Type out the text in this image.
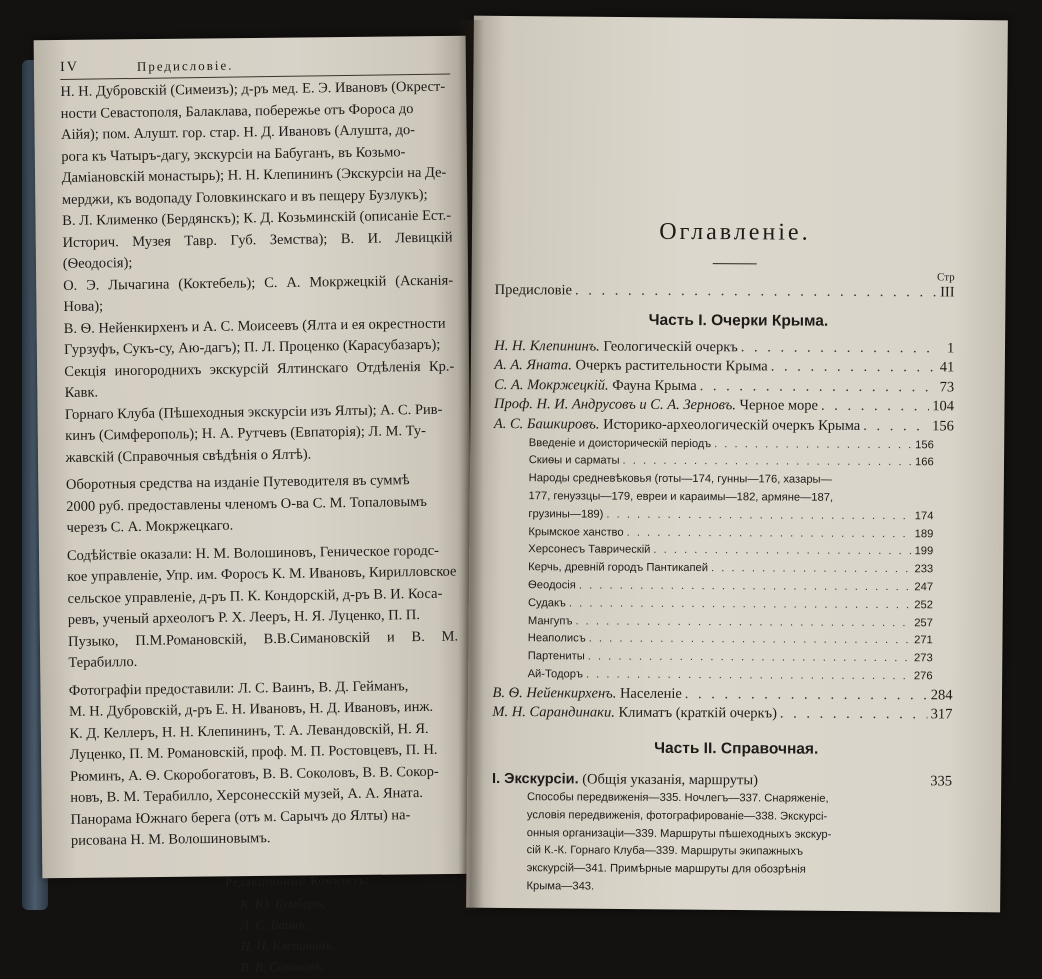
IV	Предисловіе.

Н. Н. Дубровскій (Симеизъ); д-ръ мед. Е. Э. Ивановъ (Окрест-

ности Севастополя, Балаклава, побережье отъ Фороса до

Аійя); пом. Алушт. гор. стар. Н. Д. Ивановъ (Алушта, до-

рога къ Чатыръ-дагу, экскурсіи на Бабуганъ, въ Козьмо-

Даміановскій монастырь); Н. Н. Клепининъ (Экскурсіи на Де-

мерджи, къ водопаду Головкинскаго и въ пещеру Бузлукъ);

В. Л. Клименко (Бердянскъ); К. Д. Козьминскій (описаніе Ест.-

Историч. Музея Тавр. Губ. Земства); В. И. Левицкій (Ѳеодосія);

О. Э. Лычагина (Коктебель); С. А. Мокржецкій (Асканія-Нова);

В. Ѳ. Нейенкирхенъ и А. С. Моисеевъ (Ялта и ея окрестности

Гурзуфъ, Сукъ-су, Аю-дагъ); П. Л. Проценко (Карасубазаръ);

Секція иногороднихъ экскурсій Ялтинскаго Отдѣленія Кр.-Кавк.

Горнаго Клуба (Пѣшеходныя экскурсіи изъ Ялты); А. С. Рив-

кинъ (Симферополь); Н. А. Рутчевъ (Евпаторія); Л. М. Ту-

жавскій (Справочныя свѣдѣнія о Ялтѣ).

Оборотныя средства на изданіе Путеводителя въ суммѣ

2000 руб. предоставлены членомъ О-ва С. М. Топаловымъ

черезъ С. А. Мокржецкаго.

Содѣйствіе оказали: Н. М. Волошиновъ, Геническое городс-

кое управленіе, Упр. им. Форосъ К. М. Ивановъ, Кирилловское

сельское управленіе, д-ръ П. К. Кондорскій, д-ръ В. И. Коса-

ревъ, ученый археологъ Р. Х. Лееръ, Н. Я. Луценко, П. П.

Пузыко, П.М.Романовскій, В.В.Симановскій и В. М. Терабилло.

Фотографіи предоставили: Л. С. Ваинъ, В. Д. Гейманъ,

М. Н. Дубровскій, д-ръ Е. Н. Ивановъ, Н. Д. Ивановъ, инж.

К. Д. Келлеръ, Н. Н. Клепининъ, Т. А. Левандовскій, Н. Я.

Луценко, П. М. Романовскій, проф. М. П. Ростовцевъ, П. Н.

Рюминъ, А. Ѳ. Скоробогатовъ, В. В. Соколовъ, В. В. Сокор-

новъ, В. М. Терабилло, Херсонесскій музей, А. А. Яната.

Панорама Южнаго берега (отъ м. Сарычъ до Ялты) на-

рисована Н. М. Волошиновымъ.

Редакціонный Комитетъ:
К. Ю. Бумберъ,
Л. С. Ваинъ,
Н. Н. Клепининъ,
В. В. Соколовъ.
Оглавленіе.
Стр
Предисловіе . . .	III
Часть I. Очерки Крыма.
Н. Н. Клепининъ. Геологическій очеркъ . . .	1
А. А. Яната. Очеркъ растительности Крыма . . .	41
С. А. Мокржецкій. Фауна Крыма . . .	73
Проф. Н. И. Андрусовъ и С. А. Зерновъ. Черное море . . .	104
А. С. Башкировъ. Историко-археологическій очеркъ Крыма . . .	156
Введеніе и доисторическій періодъ . . .	156
Скиѳы и сарматы . . .	166
Народы средневѣковья (готы—174, гунны—176, хазары—
177, генуэзцы—179, евреи и караимы—182, армяне—187,
грузины—189) . . .	174
Крымское ханство . . .	189
Херсонесъ Таврическій . . .	199
Керчь, древній городъ Пантикапей . . .	233
Ѳеодосія . . .	247
Судакъ . . .	252
Мангупъ . . .	257
Неаполисъ . . .	271
Партениты . . .	273
Ай-Тодоръ . . .	276
В. Ѳ. Нейенкирхенъ. Населеніе . . .	284
М. Н. Сарандинаки. Климатъ (краткій очеркъ) . . .	317
Часть II. Справочная.
I. Экскурсіи. (Общія указанія, маршруты)	335
Способы передвиженія—335. Ночлегъ—337. Снаряженіе,
условія передвиженія, фотографированіе—338. Экскурсі-
онныя организаціи—339. Маршруты пѣшеходныхъ экскур-
сій К.-К. Горнаго Клуба—339. Маршруты экипажныхъ
экскурсій—341. Примѣрные маршруты для обозрѣнія
Крыма—343.
